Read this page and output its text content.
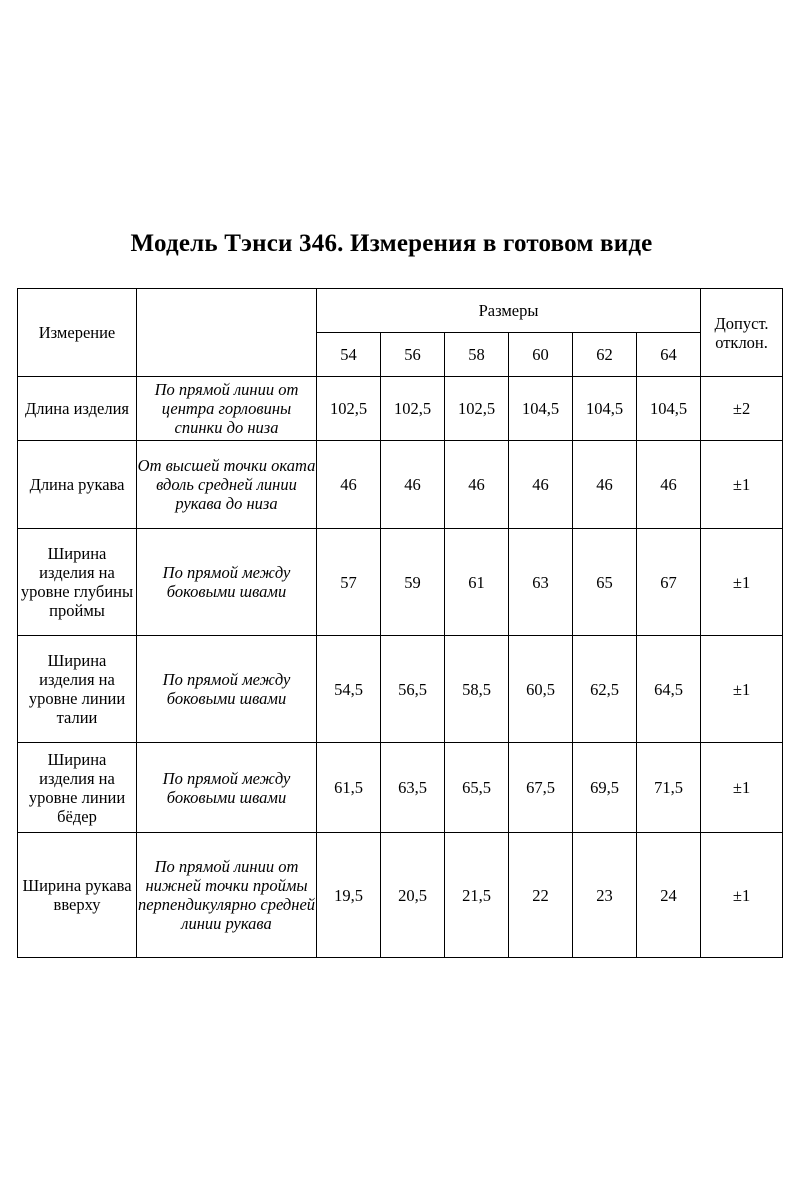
Модель Тэнси 346. Измерения в готовом виде
Измерение		Размеры						Допуст. отклон.
		54	56	58	60	62	64	
Длина изделия	По прямой линии от центра горловины спинки до низа	102,5	102,5	102,5	104,5	104,5	104,5	±2
Длина рукава	От высшей точки оката вдоль средней линии рукава до низа	46	46	46	46	46	46	±1
Ширина изделия на уровне глубины проймы	По прямой между боковыми швами	57	59	61	63	65	67	±1
Ширина изделия на уровне линии талии	По прямой между боковыми швами	54,5	56,5	58,5	60,5	62,5	64,5	±1
Ширина изделия на уровне линии бёдер	По прямой между боковыми швами	61,5	63,5	65,5	67,5	69,5	71,5	±1
Ширина рукава вверху	По прямой линии от нижней точки проймы перпендикулярно средней линии рукава	19,5	20,5	21,5	22	23	24	±1
